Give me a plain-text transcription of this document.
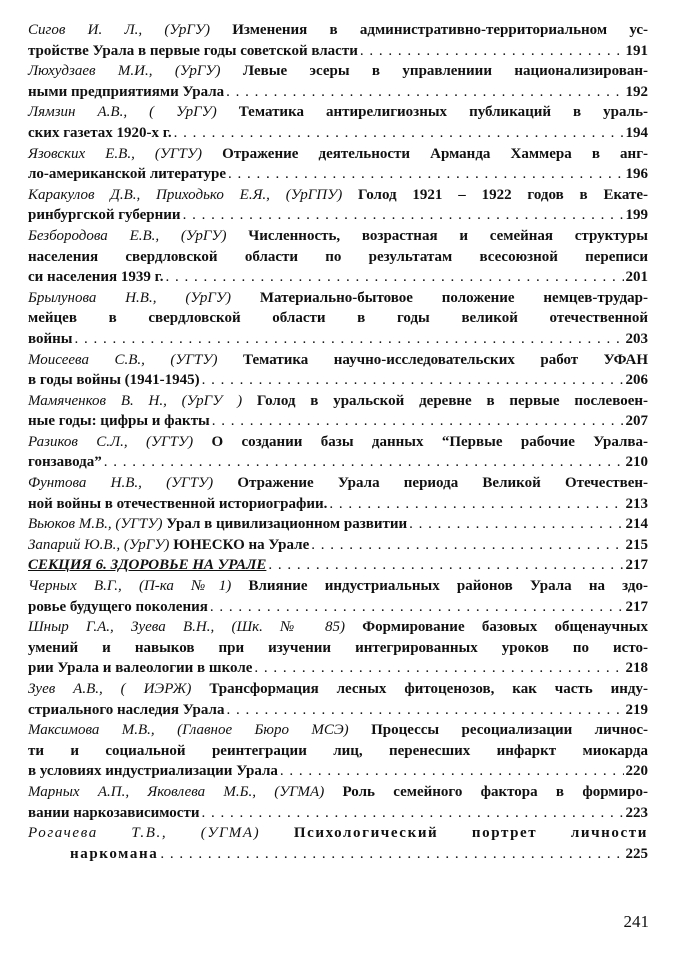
Сигов И. Л., (УрГУ) Изменения в административно-территориальном ус-
тройстве Урала в первые годы советской власти . . .	191

Люхудзаев М.И., (УрГУ) Левые эсеры в управлениии национализирован-
ными предприятиями Урала . . .	192

Лямзин А.В., ( УрГУ) Тематика антирелигиозных публикаций в ураль-
ских газетах 1920-х г. . . .	194

Язовских Е.В., (УГТУ) Отражение деятельности Арманда Хаммера в анг-
ло-американской литературе . . .	196

Каракулов Д.В., Приходько Е.Я., (УрГПУ) Голод 1921 – 1922 годов в Екате-
ринбургской губернии . . .	199

Безбородова Е.В., (УрГУ) Численность, возрастная и семейная структуры
населения свердловской области по результатам всесоюзной переписи
си населения 1939 г. . . .	201

Брылунова Н.В., (УрГУ) Материально-бытовое положение немцев-трудар-
мейцев в свердловской области в годы великой отечественной
войны . . .	203

Моисеева С.В., (УГТУ) Тематика научно-исследовательских работ УФАН
в годы войны (1941-1945) . . .	206

Мамяченков В. Н., (УрГУ ) Голод в уральской деревне в первые послевоен-
ные годы: цифры и факты . . .	207

Разиков С.Л., (УГТУ) О создании базы данных “Первые рабочие Уралва-
гонзавода” . . .	210

Фунтова Н.В., (УГТУ) Отражение Урала периода Великой Отечествен-
ной войны в отечественной историографии. . . .	213

Вьюков М.В., (УГТУ)
Урал в цивилизационном развитии . . .	214

Запарий Ю.В., (УрГУ)
ЮНЕСКО на Урале . . .	215

СЕКЦИЯ 6. ЗДОРОВЬЕ НА УРАЛЕ . . .	217

Черных В.Г., (П-ка №1) Влияние индустриальных районов Урала на здо-
ровье будущего поколения . . .	217

Шныр Г.А., Зуева В.Н., (Шк. № 85) Формирование базовых общенаучных
умений и навыков при изучении интегрированных уроков по исто-
рии Урала и валеологии в школе . . .	218

Зуев А.В., ( ИЭРЖ) Трансформация лесных фитоценозов, как часть инду-
стриального наследия Урала . . .	219

Максимова М.В., (Главное Бюро МСЭ) Процессы ресоциализации личнос-
ти и социальной реинтеграции лиц, перенесших инфаркт миокарда
в условиях индустриализации Урала . . .	220

Марных А.П., Яковлева М.Б., (УГМА) Роль семейного фактора в формиро-
вании наркозависимости . . .	223

Рогачева Т.В., (УГМА) Психологический портрет личности
наркомана . . .	225

241
